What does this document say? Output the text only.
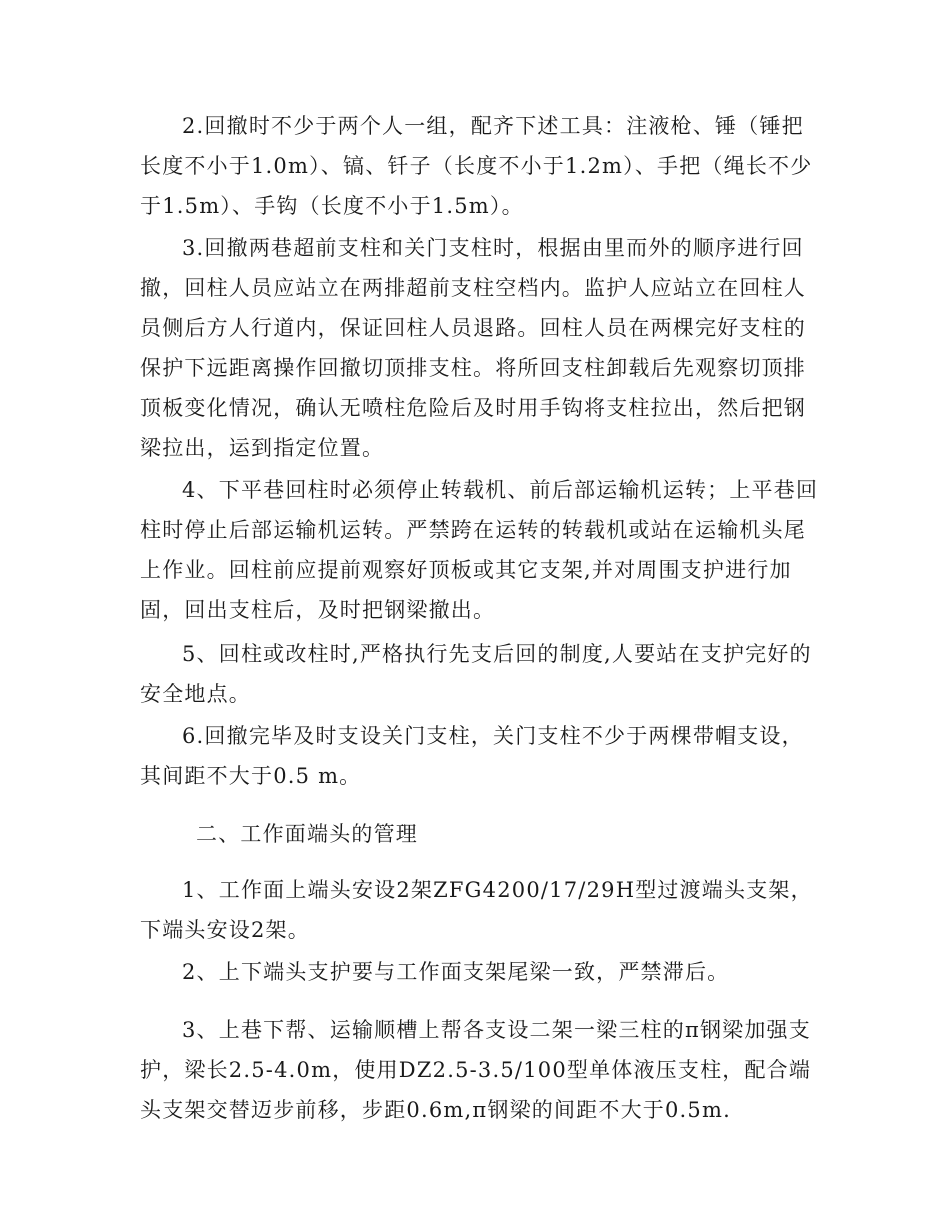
2.回撤时不少于两个人一组，配齐下述工具：注液枪、锤（锤把长度不小于1.0m）、镐、钎子（长度不小于1.2m）、手把（绳长不少于1.5m）、手钩（长度不小于1.5m）。

3.回撤两巷超前支柱和关门支柱时，根据由里而外的顺序进行回撤，回柱人员应站立在两排超前支柱空档内。监护人应站立在回柱人员侧后方人行道内，保证回柱人员退路。回柱人员在两棵完好支柱的保护下远距离操作回撤切顶排支柱。将所回支柱卸载后先观察切顶排顶板变化情况，确认无喷柱危险后及时用手钩将支柱拉出，然后把钢梁拉出，运到指定位置。

4、下平巷回柱时必须停止转载机、前后部运输机运转；上平巷回柱时停止后部运输机运转。严禁跨在运转的转载机或站在运输机头尾上作业。回柱前应提前观察好顶板或其它支架,并对周围支护进行加固，回出支柱后，及时把钢梁撤出。

5、回柱或改柱时,严格执行先支后回的制度,人要站在支护完好的安全地点。

6.回撤完毕及时支设关门支柱，关门支柱不少于两棵带帽支设，其间距不大于0.5 m。

二、工作面端头的管理

1、工作面上端头安设2架ZFG4200/17/29H型过渡端头支架，下端头安设2架。

2、上下端头支护要与工作面支架尾梁一致，严禁滞后。

3、上巷下帮、运输顺槽上帮各支设二架一梁三柱的π钢梁加强支护，梁长2.5-4.0m，使用DZ2.5-3.5/100型单体液压支柱，配合端头支架交替迈步前移，步距0.6m,π钢梁的间距不大于0.5m.
